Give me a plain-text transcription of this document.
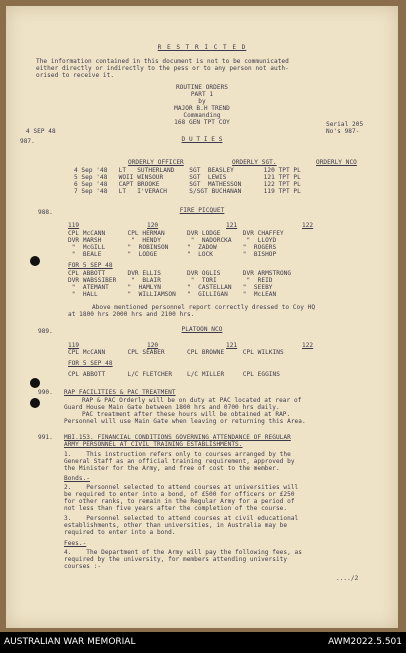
R E S T R I C T E D
The information contained in this document is not to be communicated
either directly or indirectly to the pess or to any person not auth-
orised to receive it.
ROUTINE ORDERS
PART 1
by
MAJOR B.H TREND
Commanding
168 GEN TPT COY
4 SEP 48
Serial 205
No's 987-
987.	D U T I E S
ORDERLY OFFICER	ORDERLY SGT.	ORDERLY NCO
4 Sep '48   LT   SUTHERLAND    SGT  BEASLEY        120 TPT PL
5 Sep '48   WOII WINSOUR       SGT  LEWIS          121 TPT PL
6 Sep '48   CAPT BROOKE        SGT  MATHESSON      122 TPT PL
7 Sep '48   LT   I'VERACH      S/SGT BUCHANAN      119 TPT PL
988.	FIRE PICQUET
119	120	121	122
CPL McCANN      CPL HERMAN      DVR LODGE      DVR CHAFFEY
DVR MARSH        "  HENDY        "  NADORCKA    "  LLOYD
"  McGILL      "  ROBINSON     "  ZADOW       "  ROGERS
"  BEALE       "  LODGE        "  LOCK        "  BISHOP
FOR 5 SEP 48
CPL ABBOTT      DVR ELLIS       DVR OGLIS      DVR ARMSTRONG
DVR WABSSIBER    "  BLAIR        "  TORI        "  REID
"  ATEMANT     "  HAMLYN       "  CASTELLAN   "  SEEBY
"  HALL        "  WILLIAMSON   "  GILLIGAN    "  McLEAN
Above mentioned personnel report correctly dressed to Coy HQ
at 1800 hrs 2000 hrs and 2100 hrs.
989.	PLATOON NCO
119	120	121	122
CPL McCANN      CPL SEABER      CPL BROWNE     CPL WILKINS
FOR 5 SEP 48
CPL ABBOTT      L/C FLETCHER    L/C MILLER     CPL EGGINS
990. RAP FACILITIES & PAC TREATMENT
RAP & PAC Orderly will be on duty at PAC located at rear of
Guard House Main Gate between 1800 hrs and 0700 hrs daily.
PAC treatment after these hours will be obtained at RAP.
Personnel will use Main Gate when leaving or returning this Area.
991. MBI.153. FINANCIAL CONDITIONS GOVERNING ATTENDANCE OF REGULAR
ARMY PERSONNEL AT CIVIL TRAINING ESTABLISHMENTS.
1.    This instruction refers only to courses arranged by the
General Staff as an official training requirement, approved by
the Minister for the Army, and free of cost to the member.
Bonds.-
2.    Personnel selected to attend courses at universities will
be required to enter into a bond, of £500 for officers or £250
for other ranks, to remain in the Regular Army for a period of
not less than five years after the completion of the course.
3.    Personnel selected to attend courses at civil educational
establishments, other than universities, in Australia may be
required to enter into a bond.
Fees.-
4.    The Department of the Army will pay the following fees, as
required by the university, for members attending university
courses :-
..../2
AUSTRALIAN WAR MEMORIAL	AWM2022.5.501
